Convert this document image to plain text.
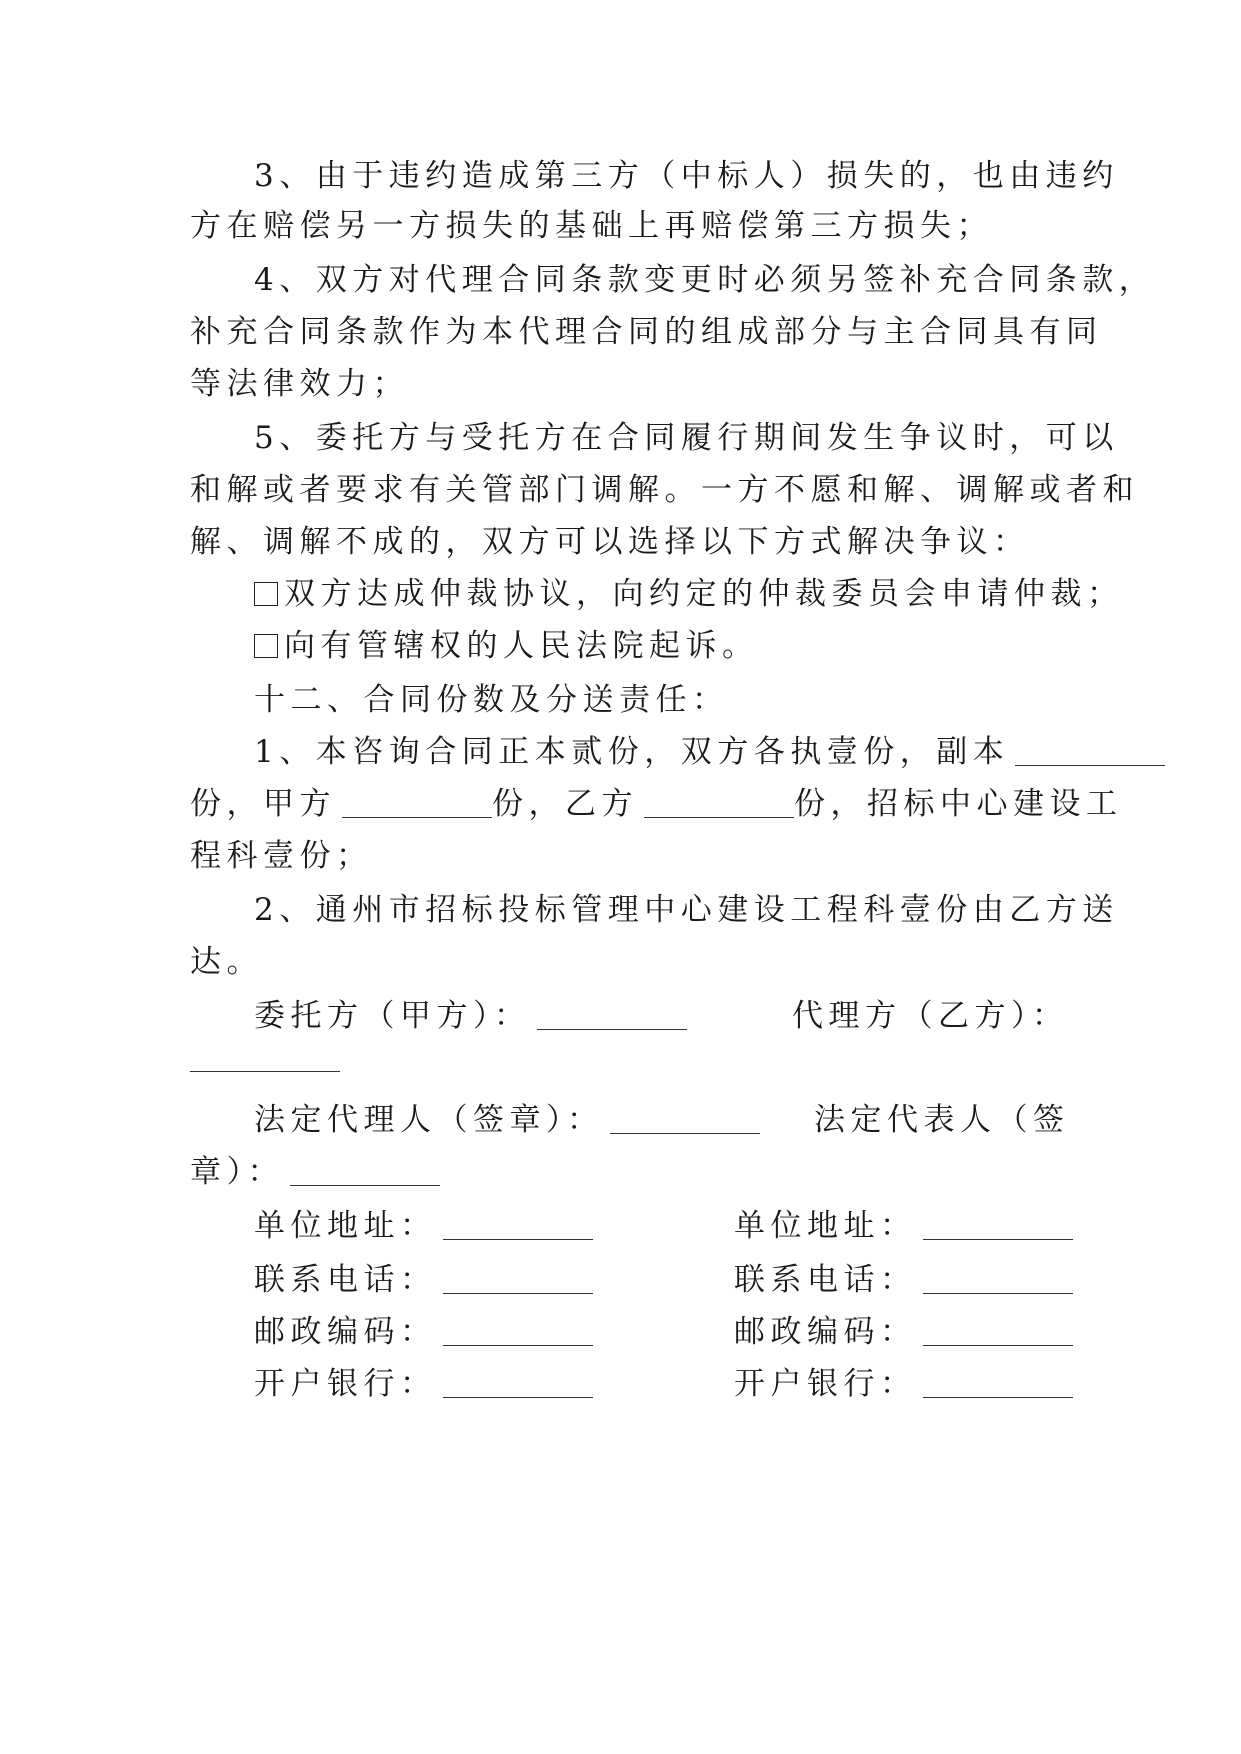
3、由于违约造成第三方（中标人）损失的，也由违约
方在赔偿另一方损失的基础上再赔偿第三方损失；
4、双方对代理合同条款变更时必须另签补充合同条款，
补充合同条款作为本代理合同的组成部分与主合同具有同
等法律效力；
5、委托方与受托方在合同履行期间发生争议时，可以
和解或者要求有关管部门调解。一方不愿和解、调解或者和
解、调解不成的，双方可以选择以下方式解决争议：
双方达成仲裁协议，向约定的仲裁委员会申请仲裁；
向有管辖权的人民法院起诉。
十二、合同份数及分送责任：
1、本咨询合同正本贰份，双方各执壹份，副本
份，甲方	份，乙方	份，招标中心建设工
程科壹份；
2、通州市招标投标管理中心建设工程科壹份由乙方送
达。
委托方（甲方）：	代理方（乙方）：
法定代理人（签章）：	法定代表人（签
章）：
单位地址：	单位地址：
联系电话：	联系电话：
邮政编码：	邮政编码：
开户银行：	开户银行：
